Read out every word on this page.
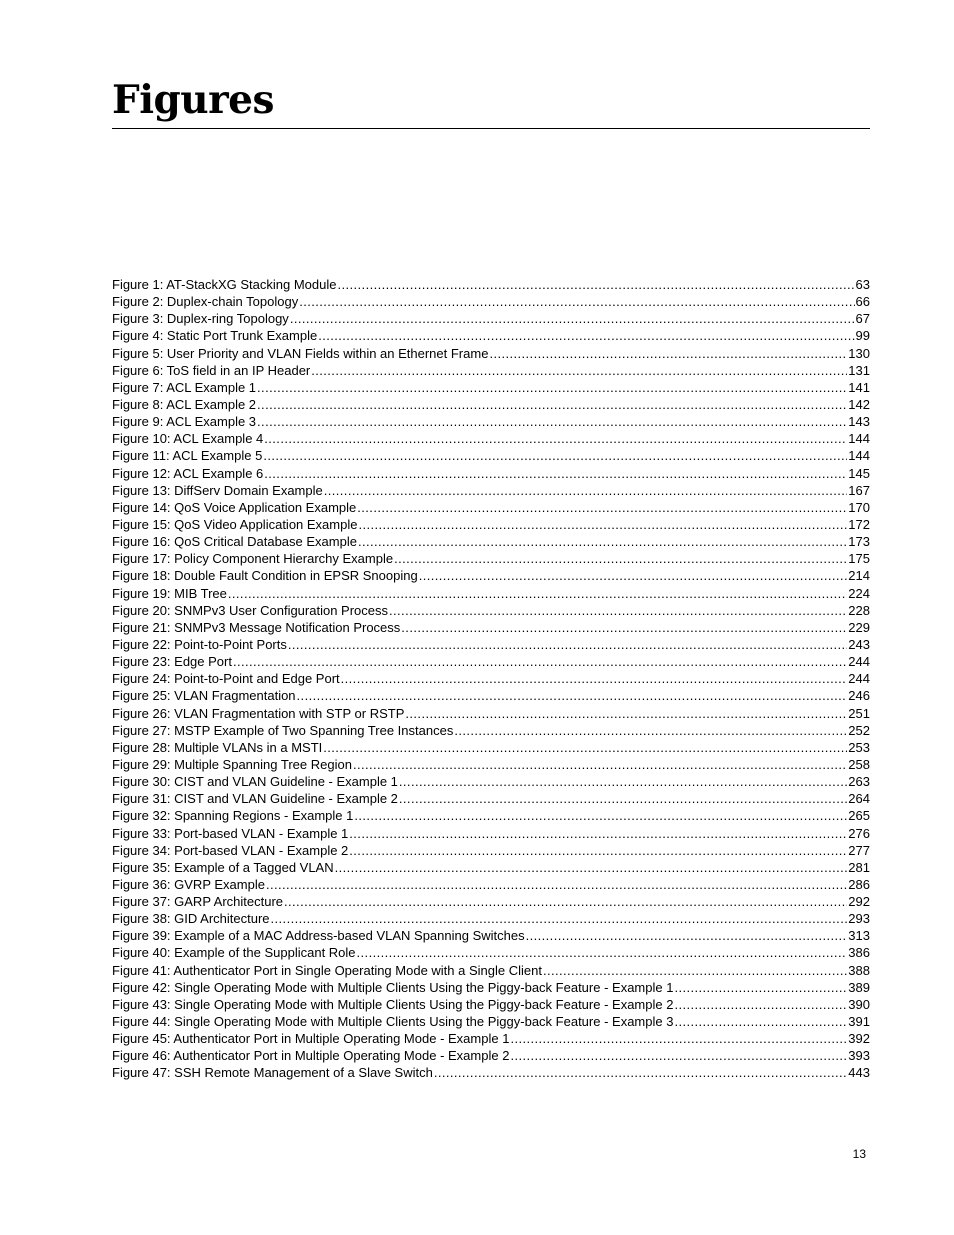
Figures
Figure 1: AT-StackXG Stacking Module .....	63
Figure 2: Duplex-chain Topology .....	66
Figure 3: Duplex-ring Topology .....	67
Figure 4: Static Port Trunk Example .....	99
Figure 5: User Priority and VLAN Fields within an Ethernet Frame .....	130
Figure 6: ToS field in an IP Header .....	131
Figure 7: ACL Example 1 .....	141
Figure 8: ACL Example 2 .....	142
Figure 9: ACL Example 3 .....	143
Figure 10: ACL Example 4 .....	144
Figure 11: ACL Example 5 .....	144
Figure 12: ACL Example 6 .....	145
Figure 13: DiffServ Domain Example .....	167
Figure 14: QoS Voice Application Example .....	170
Figure 15: QoS Video Application Example .....	172
Figure 16: QoS Critical Database Example .....	173
Figure 17: Policy Component Hierarchy Example .....	175
Figure 18: Double Fault Condition in EPSR Snooping .....	214
Figure 19: MIB Tree .....	224
Figure 20: SNMPv3 User Configuration Process .....	228
Figure 21: SNMPv3 Message Notification Process .....	229
Figure 22: Point-to-Point Ports .....	243
Figure 23: Edge Port .....	244
Figure 24: Point-to-Point and Edge Port .....	244
Figure 25: VLAN Fragmentation .....	246
Figure 26: VLAN Fragmentation with STP or RSTP .....	251
Figure 27: MSTP Example of Two Spanning Tree Instances .....	252
Figure 28: Multiple VLANs in a MSTI .....	253
Figure 29: Multiple Spanning Tree Region .....	258
Figure 30: CIST and VLAN Guideline - Example 1 .....	263
Figure 31: CIST and VLAN Guideline - Example 2 .....	264
Figure 32: Spanning Regions - Example 1 .....	265
Figure 33: Port-based VLAN - Example 1 .....	276
Figure 34: Port-based VLAN - Example 2 .....	277
Figure 35: Example of a Tagged VLAN .....	281
Figure 36: GVRP Example .....	286
Figure 37: GARP Architecture .....	292
Figure 38: GID Architecture .....	293
Figure 39: Example of a MAC Address-based VLAN Spanning Switches .....	313
Figure 40: Example of the Supplicant Role .....	386
Figure 41: Authenticator Port in Single Operating Mode with a Single Client .....	388
Figure 42: Single Operating Mode with Multiple Clients Using the Piggy-back Feature - Example 1 .....	389
Figure 43: Single Operating Mode with Multiple Clients Using the Piggy-back Feature - Example 2 .....	390
Figure 44: Single Operating Mode with Multiple Clients Using the Piggy-back Feature - Example 3 .....	391
Figure 45: Authenticator Port in Multiple Operating Mode - Example 1 .....	392
Figure 46: Authenticator Port in Multiple Operating Mode - Example 2 .....	393
Figure 47: SSH Remote Management of a Slave Switch .....	443
13
